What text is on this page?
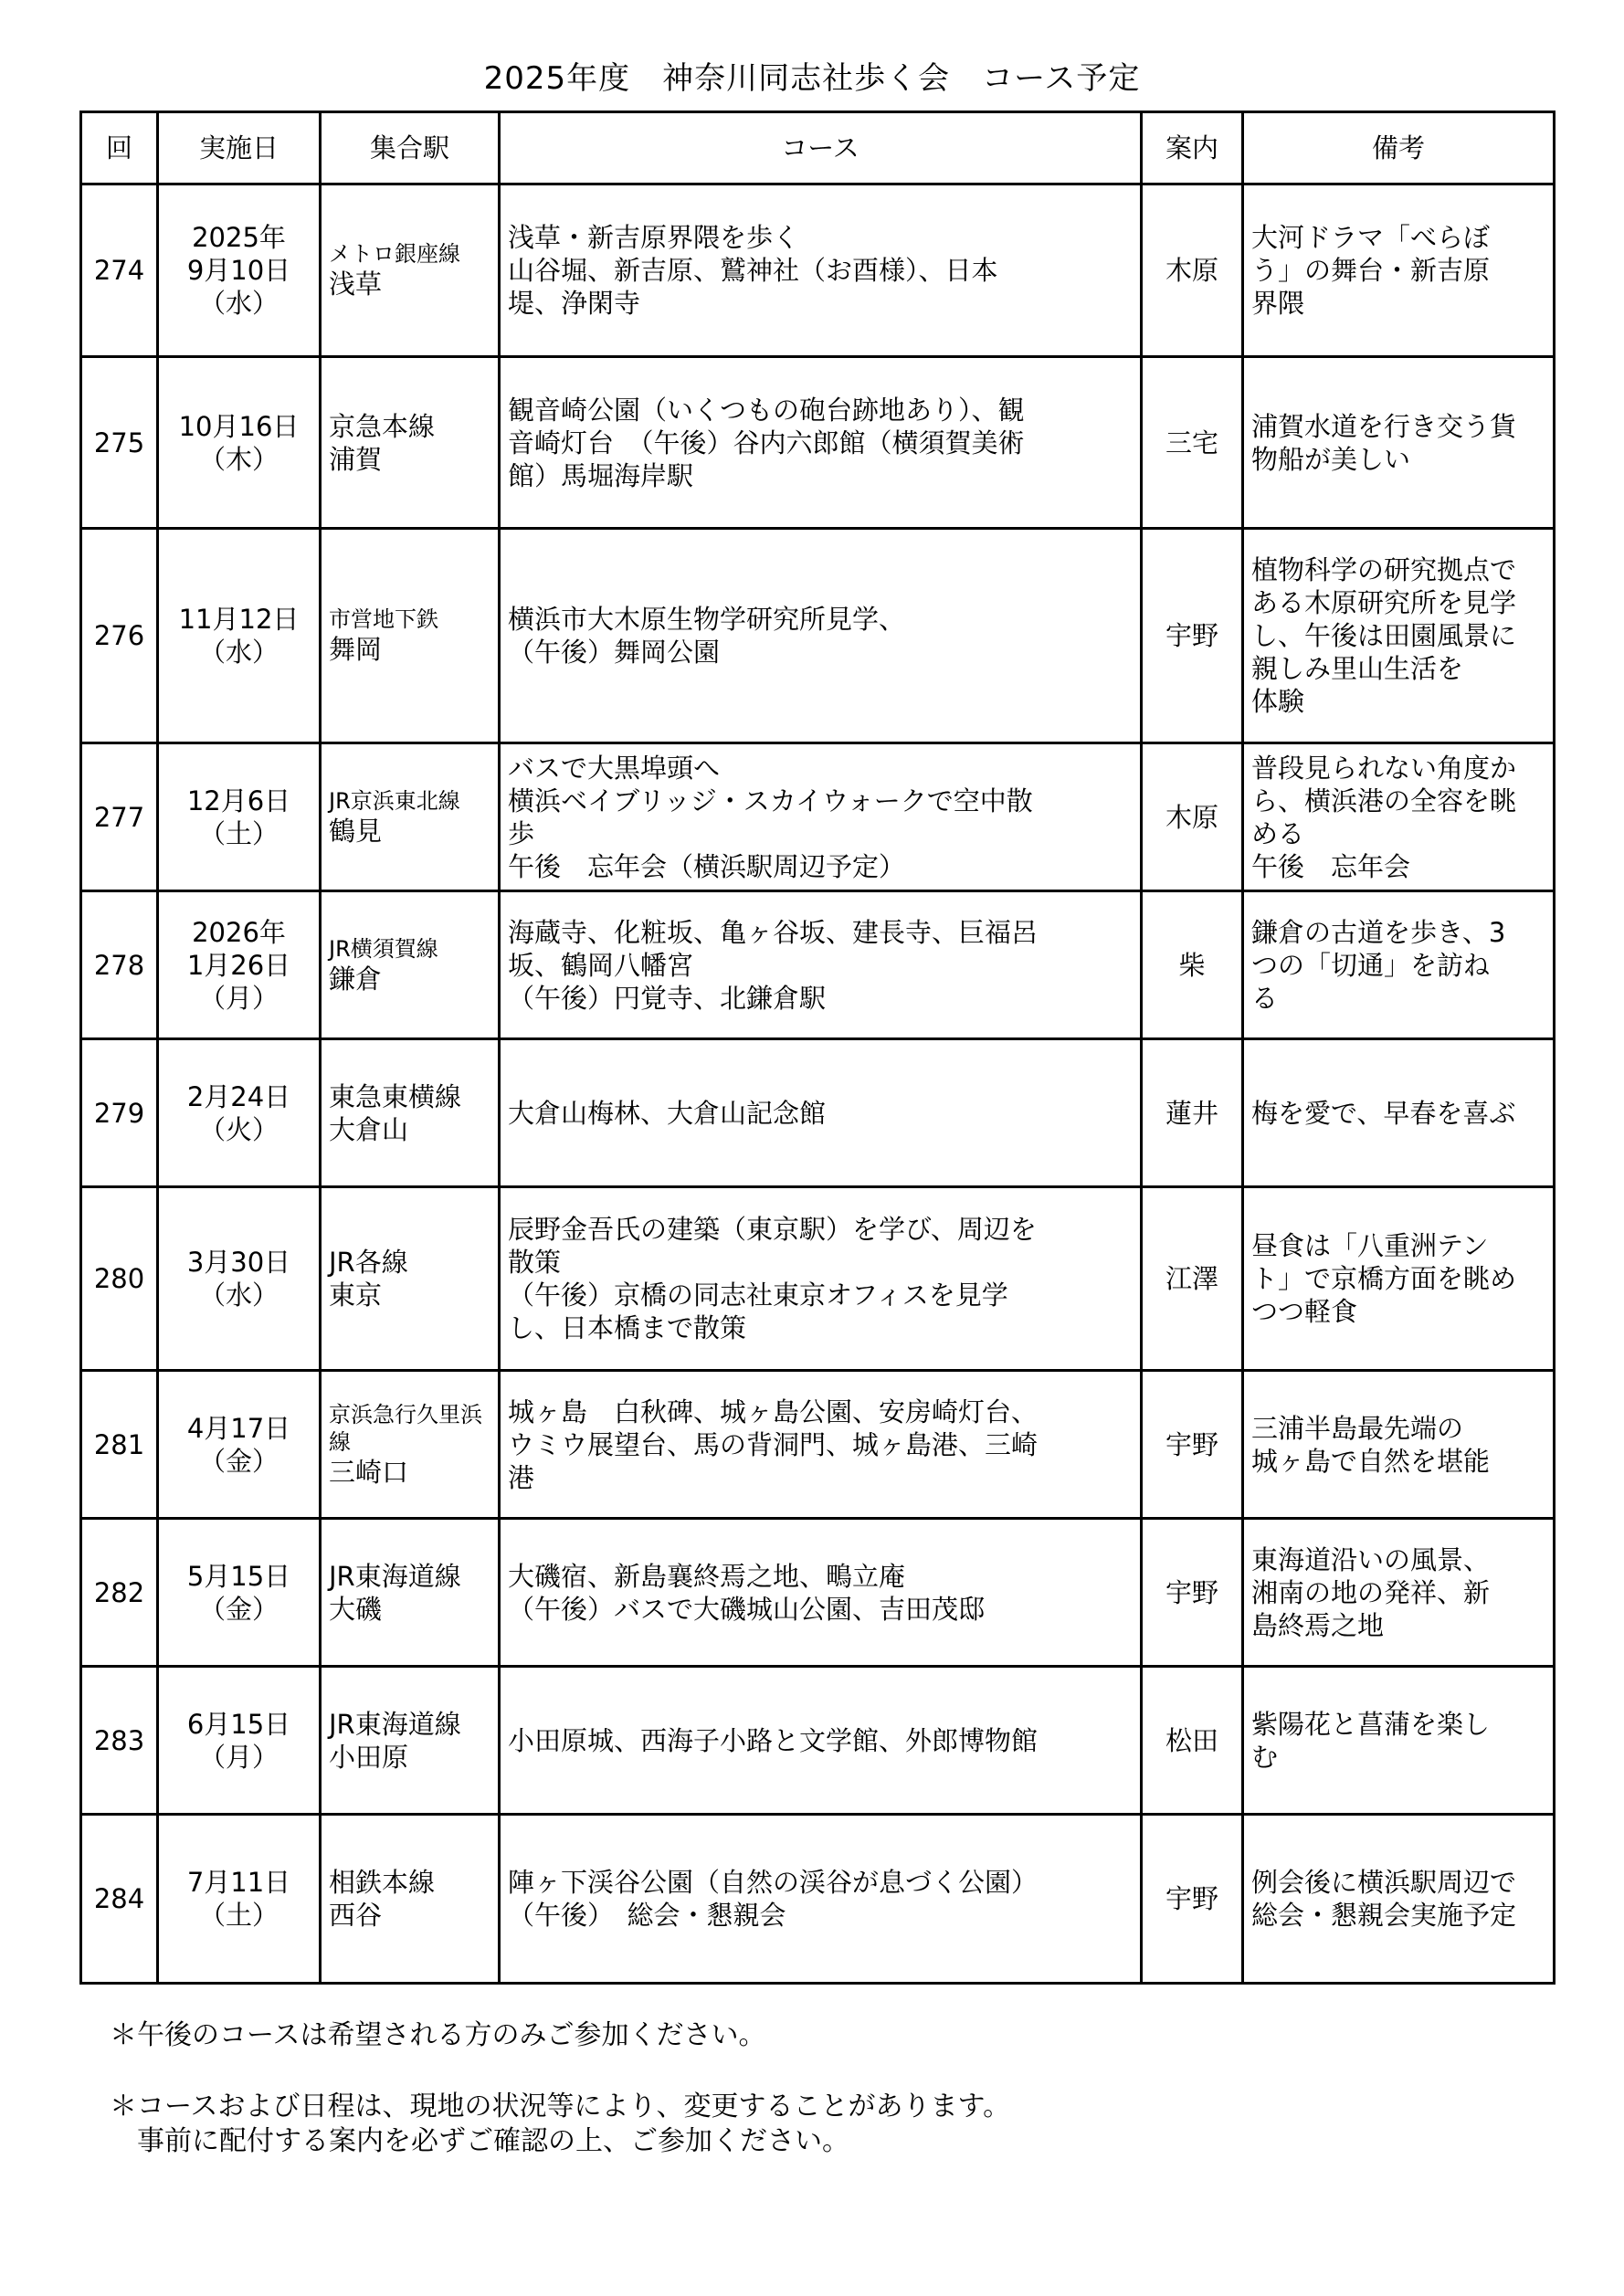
2025年度　神奈川同志社歩く会　コース予定
回	実施日	集合駅	コース	案内	備考
274	2025年
9月10日
（水）	メトロ銀座線
浅草	浅草・新吉原界隈を歩く
山谷堀、新吉原、鷲神社（お酉様）、日本
堤、浄閑寺	木原	大河ドラマ「べらぼ
う」の舞台・新吉原
界隈

275	10月16日
（木）	京急本線
浦賀	観音崎公園（いくつもの砲台跡地あり）、観
音崎灯台　（午後）谷内六郎館（横須賀美術
館）馬堀海岸駅	三宅	浦賀水道を行き交う貨
物船が美しい

276	11月12日
（水）	市営地下鉄
舞岡	横浜市大木原生物学研究所見学、
（午後）舞岡公園	宇野	植物科学の研究拠点で
ある木原研究所を見学
し、午後は田園風景に
親しみ里山生活を
体験

277	12月6日
（土）	JR京浜東北線
鶴見	バスで大黒埠頭へ
横浜ベイブリッジ・スカイウォークで空中散
歩
午後　忘年会（横浜駅周辺予定）	木原	普段見られない角度か
ら、横浜港の全容を眺
める
午後　忘年会

278	2026年
1月26日
（月）	JR横須賀線
鎌倉	海蔵寺、化粧坂、亀ヶ谷坂、建長寺、巨福呂
坂、鶴岡八幡宮
（午後）円覚寺、北鎌倉駅	柴	鎌倉の古道を歩き、3
つの「切通」を訪ね
る

279	2月24日
（火）	東急東横線
大倉山	大倉山梅林、大倉山記念館	蓮井	梅を愛で、早春を喜ぶ

280	3月30日
（水）	JR各線
東京	辰野金吾氏の建築（東京駅）を学び、周辺を
散策
（午後）京橋の同志社東京オフィスを見学
し、日本橋まで散策	江澤	昼食は「八重洲テン
ト」で京橋方面を眺め
つつ軽食

281	4月17日
（金）	京浜急行久里浜線
三崎口	城ヶ島　白秋碑、城ヶ島公園、安房崎灯台、
ウミウ展望台、馬の背洞門、城ヶ島港、三崎
港	宇野	三浦半島最先端の
城ヶ島で自然を堪能

282	5月15日
（金）	JR東海道線
大磯	大磯宿、新島襄終焉之地、鴫立庵
（午後）バスで大磯城山公園、吉田茂邸	宇野	東海道沿いの風景、
湘南の地の発祥、新
島終焉之地

283	6月15日
（月）	JR東海道線
小田原	小田原城、西海子小路と文学館、外郎博物館	松田	紫陽花と菖蒲を楽し
む

284	7月11日
（土）	相鉄本線
西谷	陣ヶ下渓谷公園（自然の渓谷が息づく公園）
（午後）　総会・懇親会	宇野	例会後に横浜駅周辺で
総会・懇親会実施予定
＊午後のコースは希望される方のみご参加ください。
＊コースおよび日程は、現地の状況等により、変更することがあります。
　事前に配付する案内を必ずご確認の上、ご参加ください。
